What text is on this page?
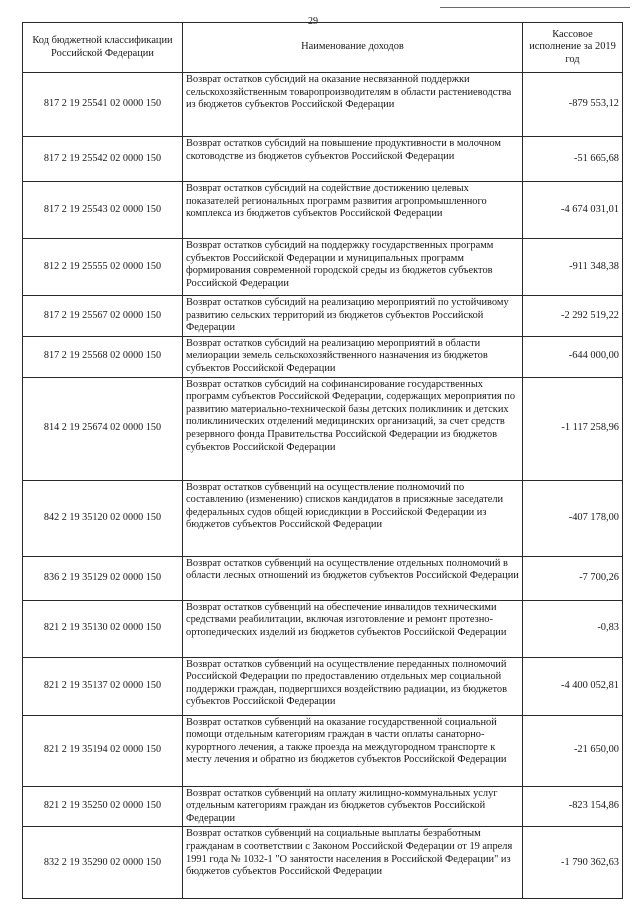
29
Код бюджетной классификации Российской Федерации	Наименование доходов	Кассовое исполнение за 2019 год
817 2 19 25541 02 0000 150	Возврат остатков субсидий на оказание несвязанной поддержки сельскохозяйственным товаропроизводителям в области растениеводства из бюджетов субъектов Российской Федерации	-879 553,12
817 2 19 25542 02 0000 150	Возврат остатков субсидий на повышение продуктивности в молочном скотоводстве из бюджетов субъектов Российской Федерации	-51 665,68
817 2 19 25543 02 0000 150	Возврат остатков субсидий на содействие достижению целевых показателей региональных программ развития агропромышленного комплекса из бюджетов субъектов Российской Федерации	-4 674 031,01
812 2 19 25555 02 0000 150	Возврат остатков субсидий на поддержку государственных программ субъектов Российской Федерации и муниципальных программ формирования современной городской среды из бюджетов субъектов Российской Федерации	-911 348,38
817 2 19 25567 02 0000 150	Возврат остатков субсидий на реализацию мероприятий по устойчивому развитию сельских территорий из бюджетов субъектов Российской Федерации	-2 292 519,22
817 2 19 25568 02 0000 150	Возврат остатков субсидий на реализацию мероприятий в области мелиорации земель сельскохозяйственного назначения из бюджетов субъектов Российской Федерации	-644 000,00
814 2 19 25674 02 0000 150	Возврат остатков субсидий на софинансирование государственных программ субъектов Российской Федерации, содержащих мероприятия по развитию материально-технической базы детских поликлиник и детских поликлинических отделений медицинских организаций, за счет средств резервного фонда Правительства Российской Федерации из бюджетов субъектов Российской Федерации	-1 117 258,96
842 2 19 35120 02 0000 150	Возврат остатков субвенций на осуществление полномочий по составлению (изменению) списков кандидатов в присяжные заседатели федеральных судов общей юрисдикции в Российской Федерации из бюджетов субъектов Российской Федерации	-407 178,00
836 2 19 35129 02 0000 150	Возврат остатков субвенций на осуществление отдельных полномочий в области лесных отношений из бюджетов субъектов Российской Федерации	-7 700,26
821 2 19 35130 02 0000 150	Возврат остатков субвенций на обеспечение инвалидов техническими средствами реабилитации, включая изготовление и ремонт протезно-ортопедических изделий из бюджетов субъектов Российской Федерации	-0,83
821 2 19 35137 02 0000 150	Возврат остатков субвенций на осуществление переданных полномочий Российской Федерации по предоставлению отдельных мер социальной поддержки граждан, подвергшихся воздействию радиации, из бюджетов субъектов Российской Федерации	-4 400 052,81
821 2 19 35194 02 0000 150	Возврат остатков субвенций на оказание государственной социальной помощи отдельным категориям граждан в части оплаты санаторно-курортного лечения, а также проезда на междугородном транспорте к месту лечения и обратно из бюджетов субъектов Российской Федерации	-21 650,00
821 2 19 35250 02 0000 150	Возврат остатков субвенций на оплату жилищно-коммунальных услуг отдельным категориям граждан из бюджетов субъектов Российской Федерации	-823 154,86
832 2 19 35290 02 0000 150	Возврат остатков субвенций на социальные выплаты безработным гражданам в соответствии с Законом Российской Федерации от 19 апреля 1991 года № 1032-1 "О занятости населения в Российской Федерации" из бюджетов субъектов Российской Федерации	-1 790 362,63
